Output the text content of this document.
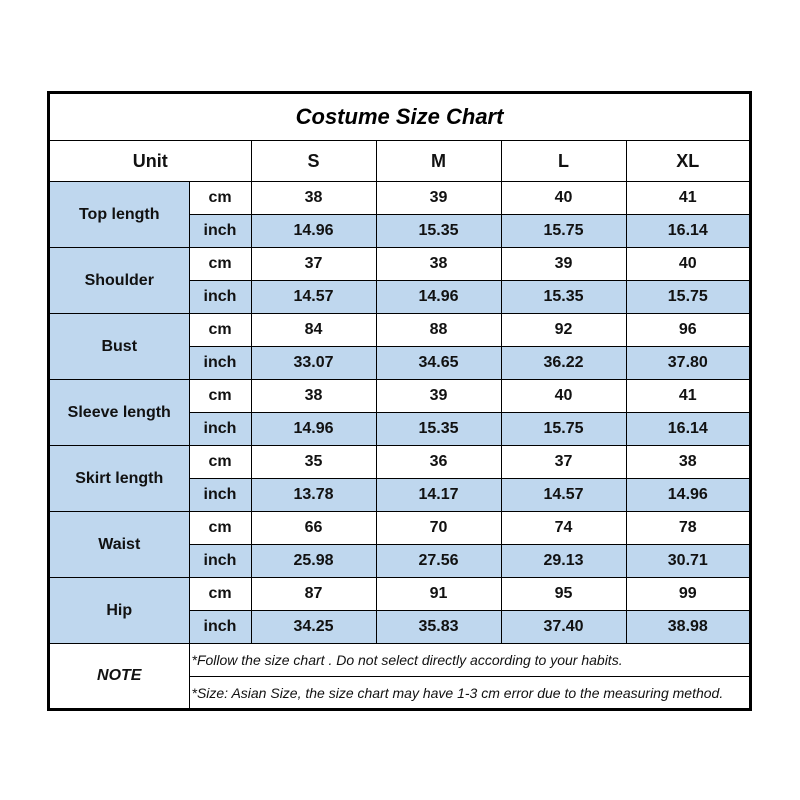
Costume Size Chart					
Unit		S	M	L	XL
Top length	cm	38	39	40	41
	inch	14.96	15.35	15.75	16.14
Shoulder	cm	37	38	39	40
	inch	14.57	14.96	15.35	15.75
Bust	cm	84	88	92	96
	inch	33.07	34.65	36.22	37.80
Sleeve length	cm	38	39	40	41
	inch	14.96	15.35	15.75	16.14
Skirt length	cm	35	36	37	38
	inch	13.78	14.17	14.57	14.96
Waist	cm	66	70	74	78
	inch	25.98	27.56	29.13	30.71
Hip	cm	87	91	95	99
	inch	34.25	35.83	37.40	38.98
NOTE	*Follow the size chart . Do not select directly according to your habits.				
	*Size: Asian Size, the size chart may have 1-3 cm error due to the measuring method.				
